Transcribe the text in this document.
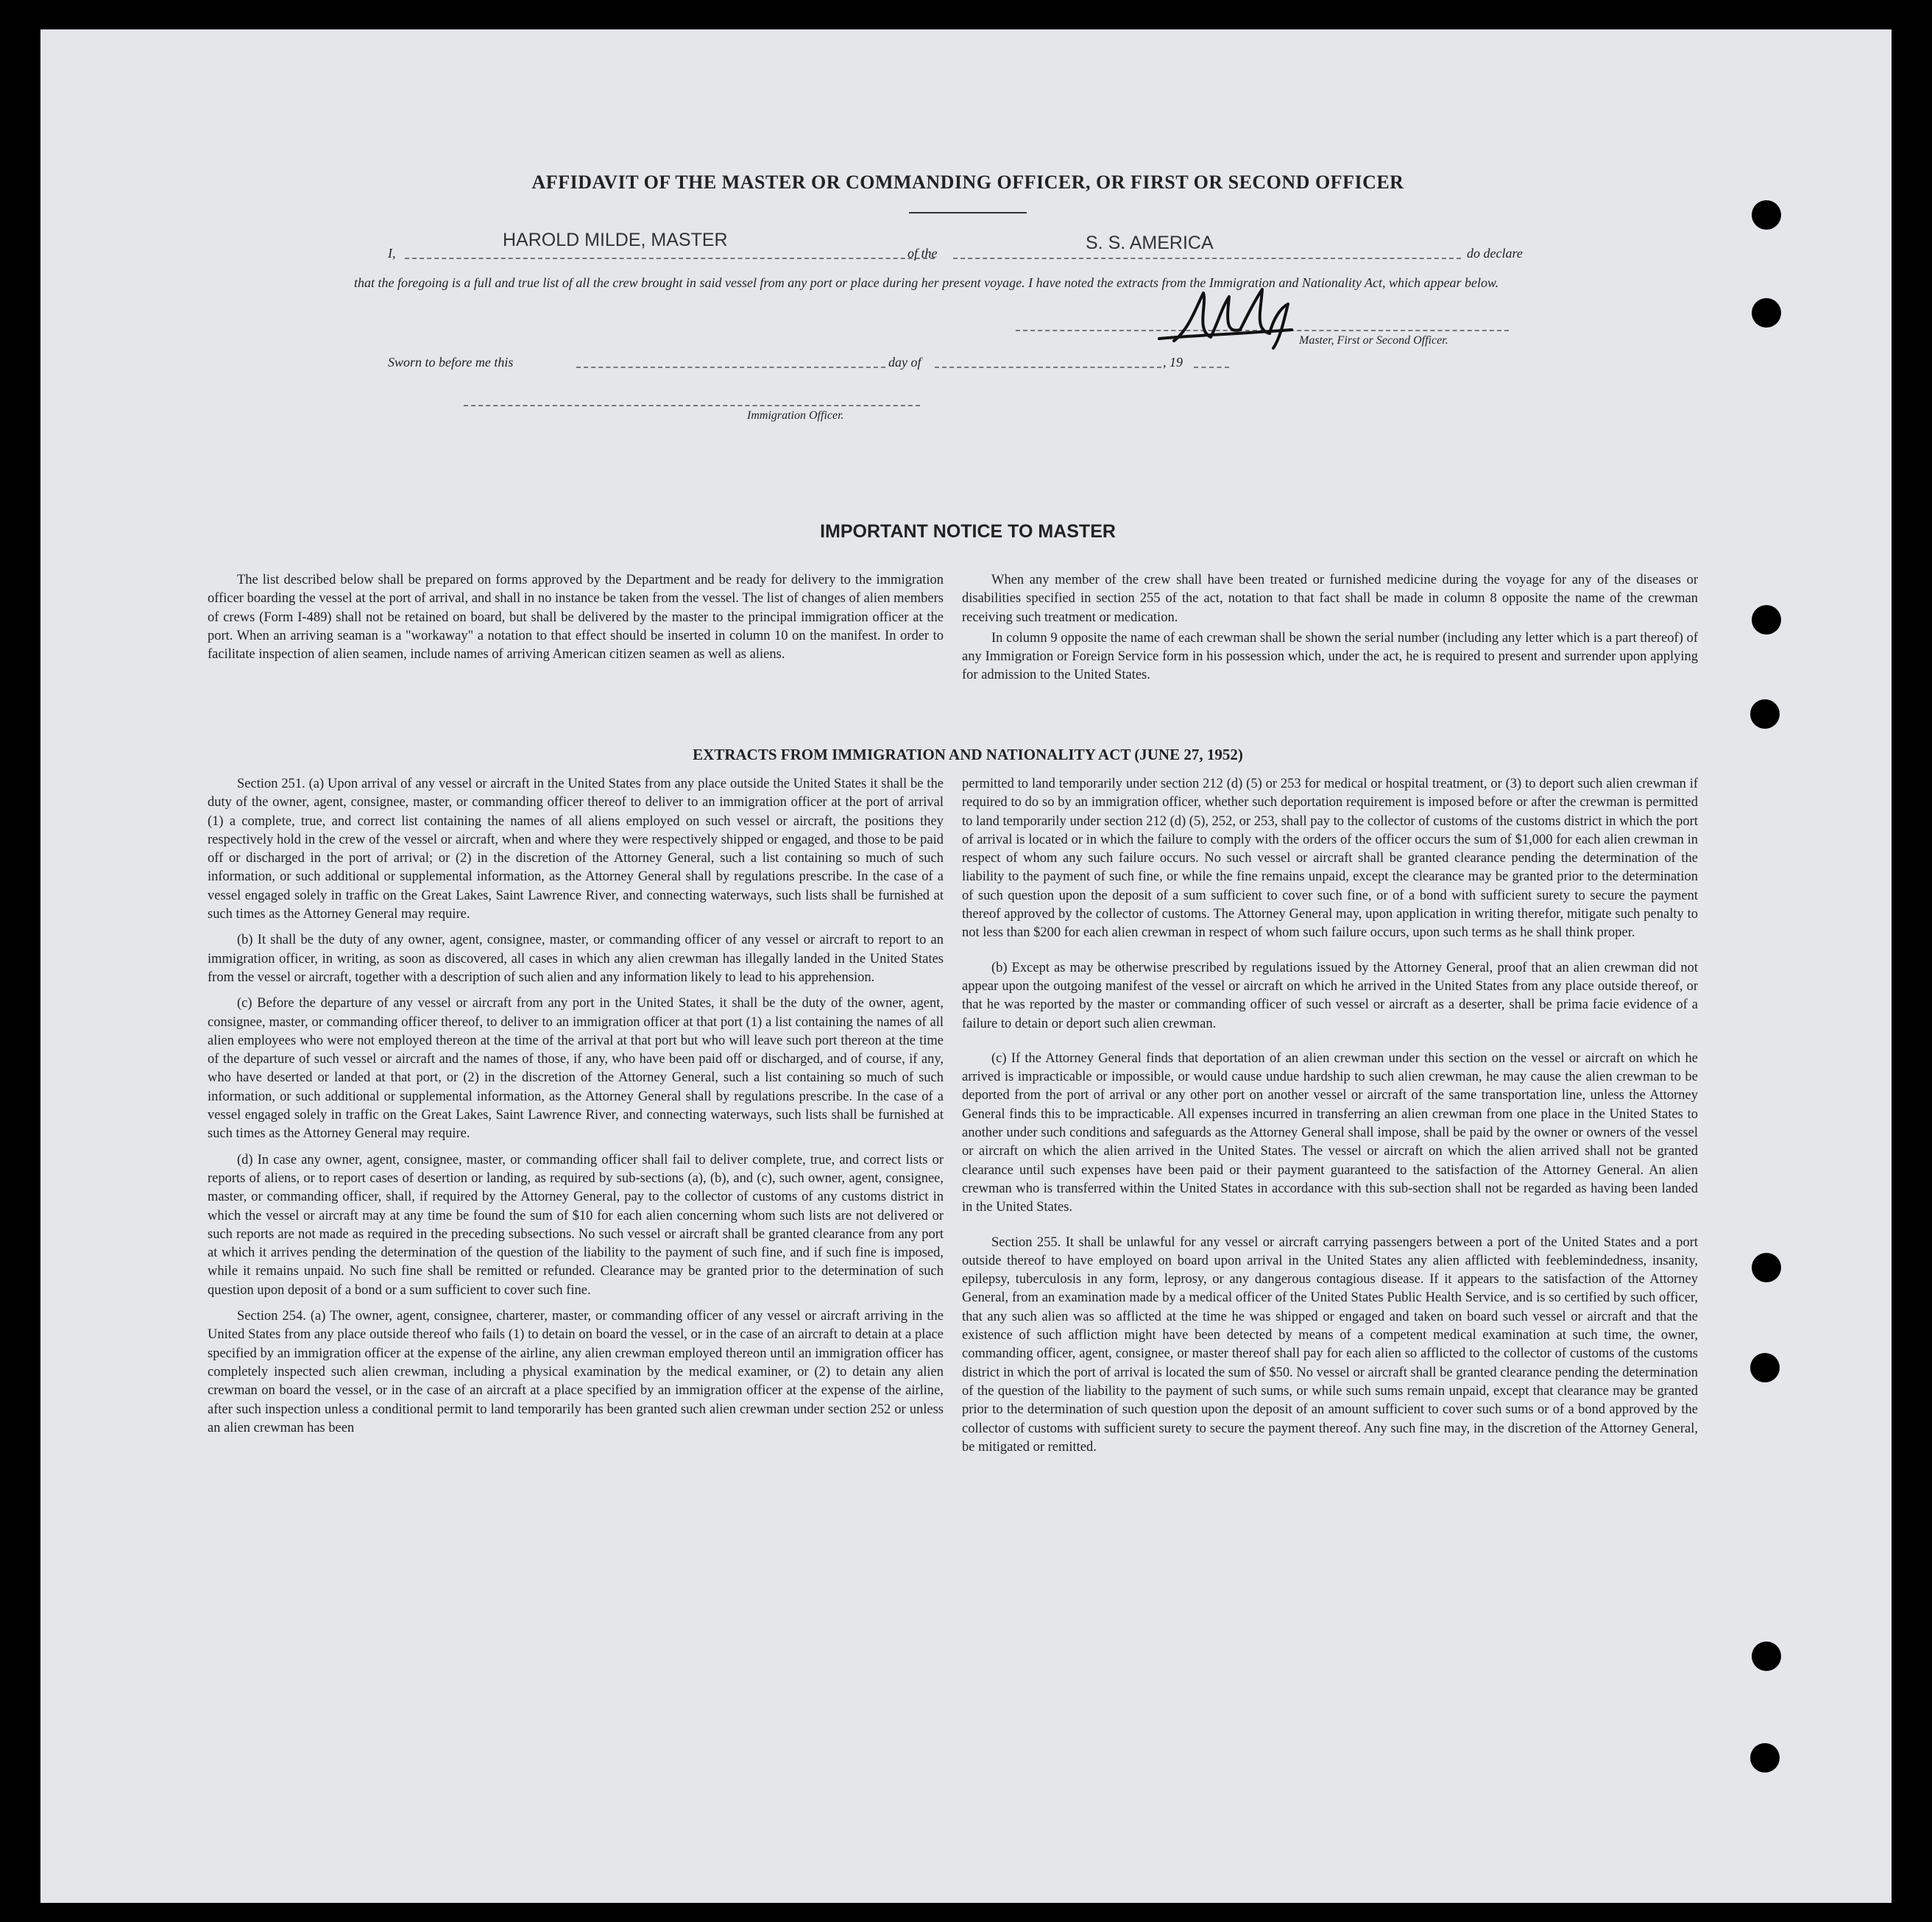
AFFIDAVIT OF THE MASTER OR COMMANDING OFFICER, OR FIRST OR SECOND OFFICER
I,
HAROLD MILDE, MASTER
of the	S. S. AMERICA	do declare
that the foregoing is a full and true list of all the crew brought in said vessel from any port or place during her present voyage. I have noted the extracts from the Immigration and Nationality Act, which appear below.
Master, First or Second Officer.
Sworn to before me this	day of	, 19
Immigration Officer.
IMPORTANT NOTICE TO MASTER

The list described below shall be prepared on forms approved by the Department and be ready for delivery to the immigration officer boarding the vessel at the port of arrival, and shall in no instance be taken from the vessel. The list of changes of alien members of crews (Form I-489) shall not be retained on board, but shall be delivered by the master to the principal immigration officer at the port. When an arriving seaman is a "workaway" a notation to that effect should be inserted in column 10 on the manifest. In order to facilitate inspection of alien seamen, include names of arriving American citizen seamen as well as aliens.

When any member of the crew shall have been treated or furnished medicine during the voyage for any of the diseases or disabilities specified in section 255 of the act, notation to that fact shall be made in column 8 opposite the name of the crewman receiving such treatment or medication.

In column 9 opposite the name of each crewman shall be shown the serial number (including any letter which is a part thereof) of any Immigration or Foreign Service form in his possession which, under the act, he is required to present and surrender upon applying for admission to the United States.

EXTRACTS FROM IMMIGRATION AND NATIONALITY ACT (JUNE 27, 1952)

Section 251. (a) Upon arrival of any vessel or aircraft in the United States from any place outside the United States it shall be the duty of the owner, agent, consignee, master, or commanding officer thereof to deliver to an immigration officer at the port of arrival (1) a complete, true, and correct list containing the names of all aliens employed on such vessel or aircraft, the positions they respectively hold in the crew of the vessel or aircraft, when and where they were respectively shipped or engaged, and those to be paid off or discharged in the port of arrival; or (2) in the discretion of the Attorney General, such a list containing so much of such information, or such additional or supplemental information, as the Attorney General shall by regulations prescribe. In the case of a vessel engaged solely in traffic on the Great Lakes, Saint Lawrence River, and connecting waterways, such lists shall be furnished at such times as the Attorney General may require.

(b) It shall be the duty of any owner, agent, consignee, master, or commanding officer of any vessel or aircraft to report to an immigration officer, in writing, as soon as discovered, all cases in which any alien crewman has illegally landed in the United States from the vessel or aircraft, together with a description of such alien and any information likely to lead to his apprehension.

(c) Before the departure of any vessel or aircraft from any port in the United States, it shall be the duty of the owner, agent, consignee, master, or commanding officer thereof, to deliver to an immigration officer at that port (1) a list containing the names of all alien employees who were not employed thereon at the time of the arrival at that port but who will leave such port thereon at the time of the departure of such vessel or aircraft and the names of those, if any, who have been paid off or discharged, and of course, if any, who have deserted or landed at that port, or (2) in the discretion of the Attorney General, such a list containing so much of such information, or such additional or supplemental information, as the Attorney General shall by regulations prescribe. In the case of a vessel engaged solely in traffic on the Great Lakes, Saint Lawrence River, and connecting waterways, such lists shall be furnished at such times as the Attorney General may require.

(d) In case any owner, agent, consignee, master, or commanding officer shall fail to deliver complete, true, and correct lists or reports of aliens, or to report cases of desertion or landing, as required by sub-sections (a), (b), and (c), such owner, agent, consignee, master, or commanding officer, shall, if required by the Attorney General, pay to the collector of customs of any customs district in which the vessel or aircraft may at any time be found the sum of $10 for each alien concerning whom such lists are not delivered or such reports are not made as required in the preceding subsections. No such vessel or aircraft shall be granted clearance from any port at which it arrives pending the determination of the question of the liability to the payment of such fine, and if such fine is imposed, while it remains unpaid. No such fine shall be remitted or refunded. Clearance may be granted prior to the determination of such question upon deposit of a bond or a sum sufficient to cover such fine.

Section 254. (a) The owner, agent, consignee, charterer, master, or commanding officer of any vessel or aircraft arriving in the United States from any place outside thereof who fails (1) to detain on board the vessel, or in the case of an aircraft to detain at a place specified by an immigration officer at the expense of the airline, any alien crewman employed thereon until an immigration officer has completely inspected such alien crewman, including a physical examination by the medical examiner, or (2) to detain any alien crewman on board the vessel, or in the case of an aircraft at a place specified by an immigration officer at the expense of the airline, after such inspection unless a conditional permit to land temporarily has been granted such alien crewman under section 252 or unless an alien crewman has been

permitted to land temporarily under section 212 (d) (5) or 253 for medical or hospital treatment, or (3) to deport such alien crewman if required to do so by an immigration officer, whether such deportation requirement is imposed before or after the crewman is permitted to land temporarily under section 212 (d) (5), 252, or 253, shall pay to the collector of customs of the customs district in which the port of arrival is located or in which the failure to comply with the orders of the officer occurs the sum of $1,000 for each alien crewman in respect of whom any such failure occurs. No such vessel or aircraft shall be granted clearance pending the determination of the liability to the payment of such fine, or while the fine remains unpaid, except the clearance may be granted prior to the determination of such question upon the deposit of a sum sufficient to cover such fine, or of a bond with sufficient surety to secure the payment thereof approved by the collector of customs. The Attorney General may, upon application in writing therefor, mitigate such penalty to not less than $200 for each alien crewman in respect of whom such failure occurs, upon such terms as he shall think proper.

(b) Except as may be otherwise prescribed by regulations issued by the Attorney General, proof that an alien crewman did not appear upon the outgoing manifest of the vessel or aircraft on which he arrived in the United States from any place outside thereof, or that he was reported by the master or commanding officer of such vessel or aircraft as a deserter, shall be prima facie evidence of a failure to detain or deport such alien crewman.

(c) If the Attorney General finds that deportation of an alien crewman under this section on the vessel or aircraft on which he arrived is impracticable or impossible, or would cause undue hardship to such alien crewman, he may cause the alien crewman to be deported from the port of arrival or any other port on another vessel or aircraft of the same transportation line, unless the Attorney General finds this to be impracticable. All expenses incurred in transferring an alien crewman from one place in the United States to another under such conditions and safeguards as the Attorney General shall impose, shall be paid by the owner or owners of the vessel or aircraft on which the alien arrived in the United States. The vessel or aircraft on which the alien arrived shall not be granted clearance until such expenses have been paid or their payment guaranteed to the satisfaction of the Attorney General. An alien crewman who is transferred within the United States in accordance with this sub-section shall not be regarded as having been landed in the United States.

Section 255. It shall be unlawful for any vessel or aircraft carrying passengers between a port of the United States and a port outside thereof to have employed on board upon arrival in the United States any alien afflicted with feeblemindedness, insanity, epilepsy, tuberculosis in any form, leprosy, or any dangerous contagious disease. If it appears to the satisfaction of the Attorney General, from an examination made by a medical officer of the United States Public Health Service, and is so certified by such officer, that any such alien was so afflicted at the time he was shipped or engaged and taken on board such vessel or aircraft and that the existence of such affliction might have been detected by means of a competent medical examination at such time, the owner, commanding officer, agent, consignee, or master thereof shall pay for each alien so afflicted to the collector of customs of the customs district in which the port of arrival is located the sum of $50. No vessel or aircraft shall be granted clearance pending the determination of the question of the liability to the payment of such sums, or while such sums remain unpaid, except that clearance may be granted prior to the determination of such question upon the deposit of an amount sufficient to cover such sums or of a bond approved by the collector of customs with sufficient surety to secure the payment thereof. Any such fine may, in the discretion of the Attorney General, be mitigated or remitted.
